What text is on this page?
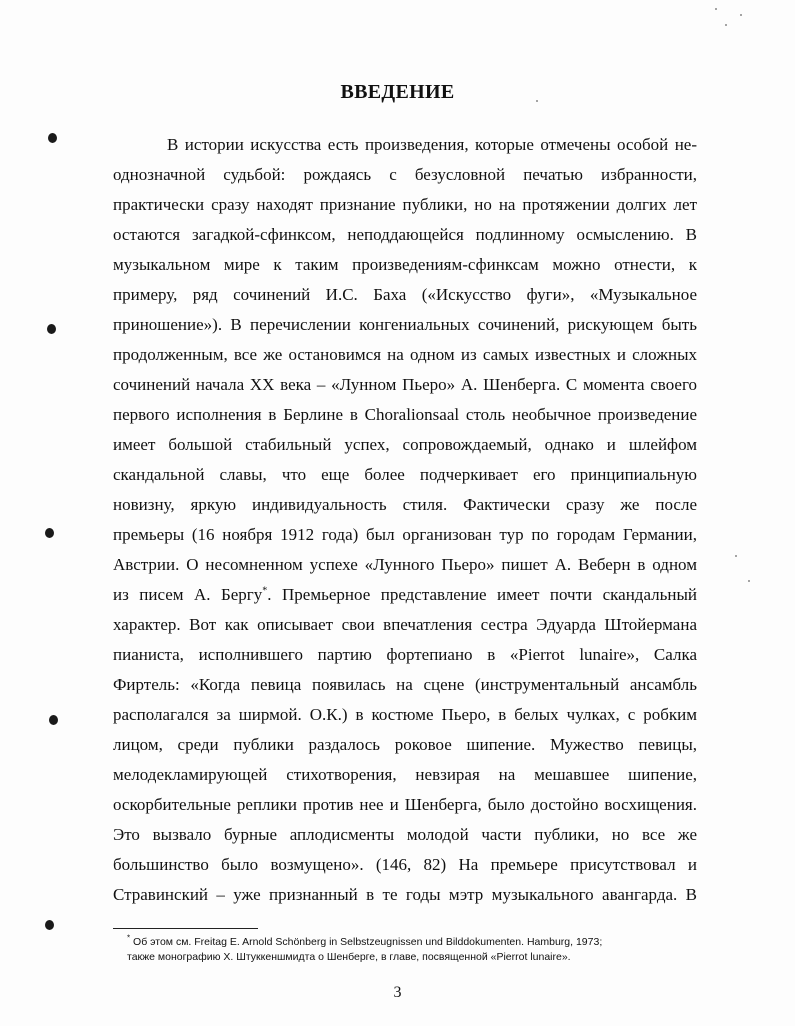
ВВЕДЕНИЕ
В истории искусства есть произведения, которые отмечены особой не-
однозначной судьбой: рождаясь с безусловной печатью избранности,
практически сразу находят признание публики, но на протяжении долгих лет
остаются загадкой-сфинксом, неподдающейся подлинному осмыслению. В
музыкальном мире к таким произведениям-сфинксам можно отнести, к
примеру, ряд сочинений И.С. Баха («Искусство фуги», «Музыкальное
приношение»). В перечислении конгениальных сочинений, рискующем быть
продолженным, все же остановимся на одном из самых известных и сложных
сочинений начала XX века – «Лунном Пьеро» А. Шенберга. С момента своего
первого исполнения в Берлине в Choralionsaal столь необычное произведение
имеет большой стабильный успех, сопровождаемый, однако и шлейфом
скандальной славы, что еще более подчеркивает его принципиальную
новизну, яркую индивидуальность стиля. Фактически сразу же после
премьеры (16 ноября 1912 года) был организован тур по городам Германии,
Австрии. О несомненном успехе «Лунного Пьеро» пишет А. Веберн в одном
из писем А. Бергу*. Премьерное представление имеет почти скандальный
характер. Вот как описывает свои впечатления сестра Эдуарда Штойермана
пианиста, исполнившего партию фортепиано в «Pierrot lunaire», Салка
Фиртель: «Когда певица появилась на сцене (инструментальный ансамбль
располагался за ширмой. О.К.) в костюме Пьеро, в белых чулках, с робким
лицом, среди публики раздалось роковое шипение. Мужество певицы,
мелодекламирующей стихотворения, невзирая на мешавшее шипение,
оскорбительные реплики против нее и Шенберга, было достойно восхищения.
Это вызвало бурные аплодисменты молодой части публики, но все же
большинство было возмущено». (146, 82) На премьере присутствовал и
Стравинский – уже признанный в те годы мэтр музыкального авангарда. В
* Об этом см. Freitag E. Arnold Schönberg in Selbstzeugnissen und Bilddokumenten. Hamburg, 1973;
также монографию Х. Штуккеншмидта о Шенберге, в главе, посвященной «Pierrot lunaire».
3
